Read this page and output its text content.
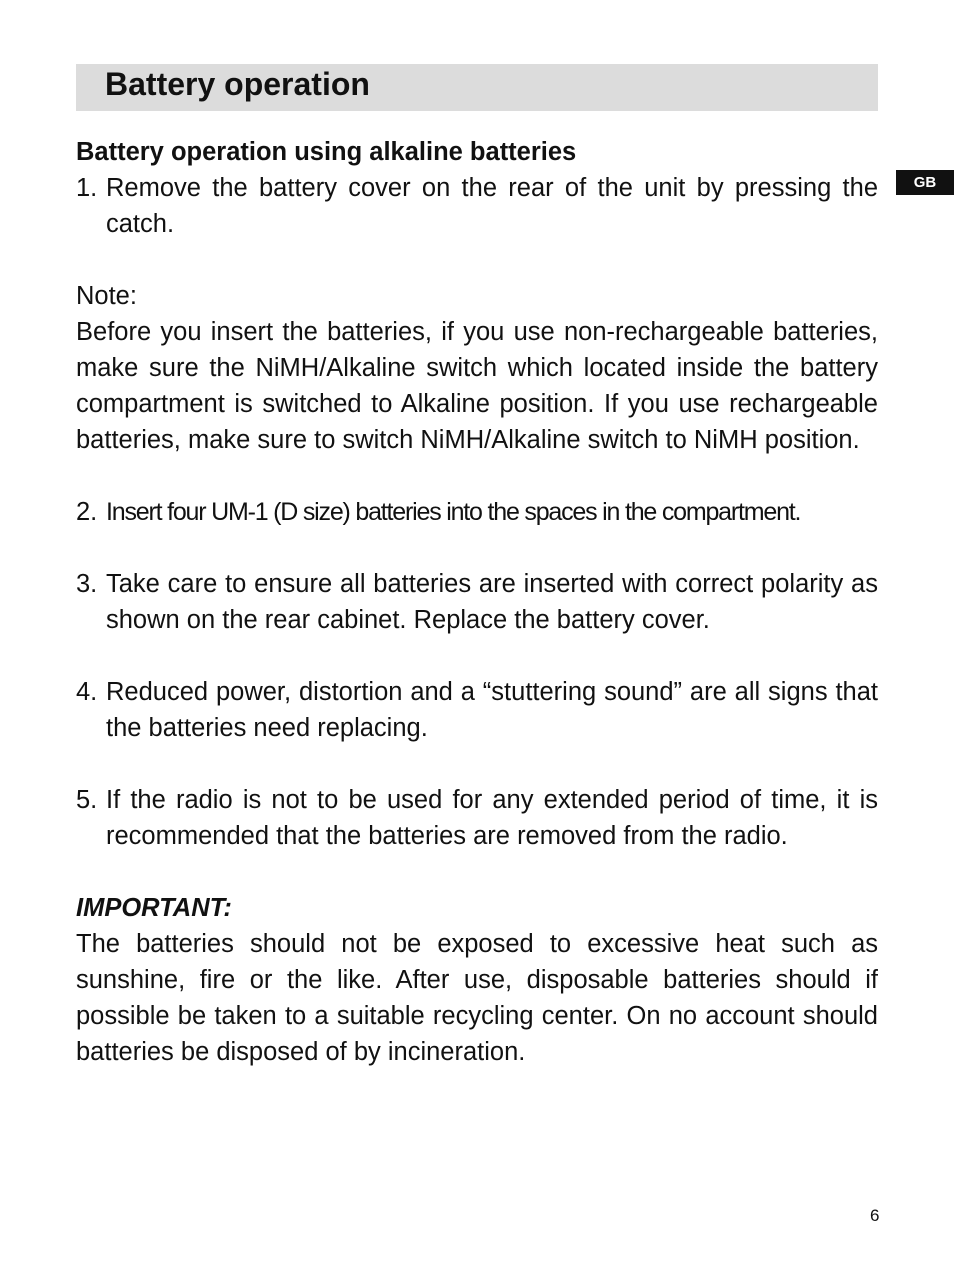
Battery operation
GB
Battery operation using alkaline batteries
1. Remove the battery cover on the rear of the unit by pressing the catch.
Note:
Before you insert the batteries, if you use non-rechargeable batteries, make sure the NiMH/Alkaline switch which located inside the battery compartment is switched to Alkaline position. If you use rechargeable batteries, make sure to switch NiMH/Alkaline switch to NiMH position.
2. Insert four UM-1 (D size) batteries into the spaces in the compartment.
3. Take care to ensure all batteries are inserted with correct polarity as shown on the rear cabinet. Replace the battery cover.
4. Reduced power, distortion and a “stuttering sound” are all signs that the batteries need replacing.
5. If the radio is not to be used for any extended period of time, it is recommended that the batteries are removed from the radio.
IMPORTANT:
The batteries should not be exposed to excessive heat such as sunshine, fire or the like. After use, disposable batteries should if possible be taken to a suitable recycling center. On no account should batteries be disposed of by incineration.
6
